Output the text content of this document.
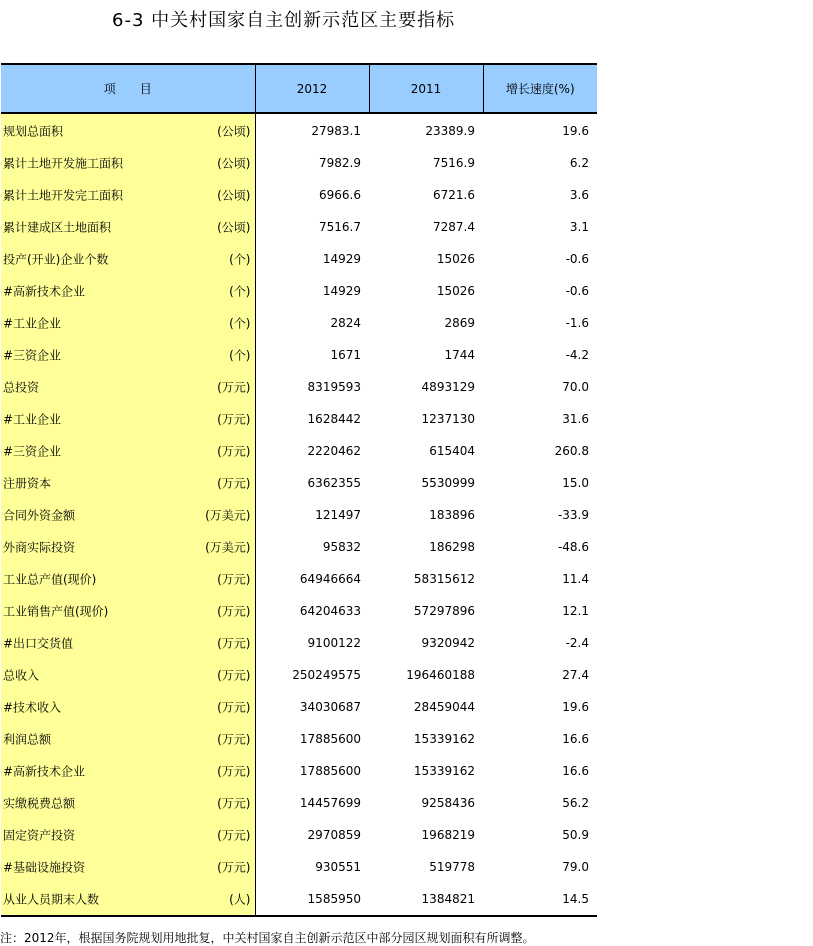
6-3 中关村国家自主创新示范区主要指标
项　　目	2012	2011	增长速度(%)

规划总面积 (公顷)	27983.1	23389.9	19.6

累计土地开发施工面积 (公顷)	7982.9	7516.9	6.2

累计土地开发完工面积 (公顷)	6966.6	6721.6	3.6

累计建成区土地面积 (公顷)	7516.7	7287.4	3.1

投产(开业)企业个数 (个)	14929	15026	-0.6

#高新技术企业 (个)	14929	15026	-0.6

#工业企业 (个)	2824	2869	-1.6

#三资企业 (个)	1671	1744	-4.2

总投资 (万元)	8319593	4893129	70.0

#工业企业 (万元)	1628442	1237130	31.6

#三资企业 (万元)	2220462	615404	260.8

注册资本 (万元)	6362355	5530999	15.0

合同外资金额 (万美元)	121497	183896	-33.9

外商实际投资 (万美元)	95832	186298	-48.6

工业总产值(现价) (万元)	64946664	58315612	11.4

工业销售产值(现价) (万元)	64204633	57297896	12.1

#出口交货值 (万元)	9100122	9320942	-2.4

总收入 (万元)	250249575	196460188	27.4

#技术收入 (万元)	34030687	28459044	19.6

利润总额 (万元)	17885600	15339162	16.6

#高新技术企业 (万元)	17885600	15339162	16.6

实缴税费总额 (万元)	14457699	9258436	56.2

固定资产投资 (万元)	2970859	1968219	50.9

#基础设施投资 (万元)	930551	519778	79.0

从业人员期末人数 (人)	1585950	1384821	14.5
注：2012年，根据国务院规划用地批复，中关村国家自主创新示范区中部分园区规划面积有所调整。
